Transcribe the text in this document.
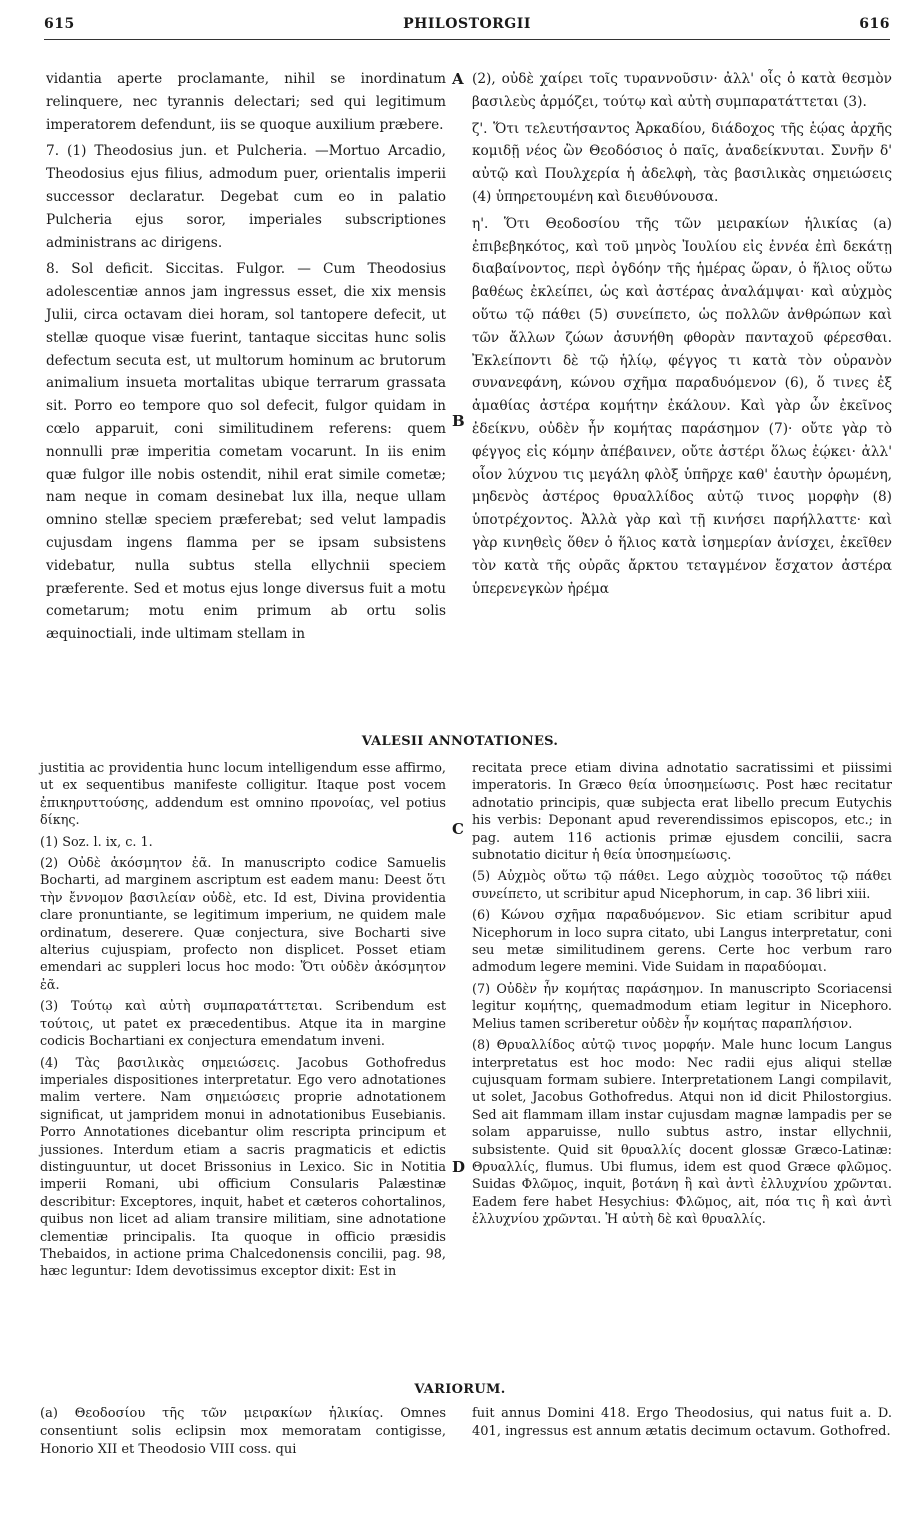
615	PHILOSTORGII	616

vidantia aperte proclamante, nihil se inordinatum relinquere, nec tyrannis delectari; sed qui legitimum imperatorem defendunt, iis se quoque auxilium præbere.

7. (1) Theodosius jun. et Pulcheria. —Mortuo Arcadio, Theodosius ejus filius, admodum puer, orientalis imperii successor declaratur. Degebat cum eo in palatio Pulcheria ejus soror, imperiales subscriptiones administrans ac dirigens.

8. Sol deficit. Siccitas. Fulgor. — Cum Theodosius adolescentiæ annos jam ingressus esset, die xix mensis Julii, circa octavam diei horam, sol tantopere defecit, ut stellæ quoque visæ fuerint, tantaque siccitas hunc solis defectum secuta est, ut multorum hominum ac brutorum animalium insueta mortalitas ubique terrarum grassata sit. Porro eo tempore quo sol defecit, fulgor quidam in cœlo apparuit, coni similitudinem referens: quem nonnulli præ imperitia cometam vocarunt. In iis enim quæ fulgor ille nobis ostendit, nihil erat simile cometæ; nam neque in comam desinebat lux illa, neque ullam omnino stellæ speciem præferebat; sed velut lampadis cujusdam ingens flamma per se ipsam subsistens videbatur, nulla subtus stella ellychnii speciem præferente. Sed et motus ejus longe diversus fuit a motu cometarum; motu enim primum ab ortu solis æquinoctiali, inde ultimam stellam in

A
B
C
D

(2), οὐδὲ χαίρει τοῖς τυραννοῦσιν· ἀλλ' οἷς ὁ κατὰ θεσμὸν βασιλεὺς ἁρμόζει, τούτῳ καὶ αὐτὴ συμπαρατάττεται (3).

ζ'. Ὅτι τελευτήσαντος Ἀρκαδίου, διάδοχος τῆς ἑῴας ἀρχῆς κομιδῇ νέος ὢν Θεοδόσιος ὁ παῖς, ἀναδείκνυται. Συνῆν δ' αὐτῷ καὶ Πουλχερία ἡ ἀδελφὴ, τὰς βασιλικὰς σημειώσεις (4) ὑπηρετουμένη καὶ διευθύνουσα.

η'. Ὅτι Θεοδοσίου τῆς τῶν μειρακίων ἡλικίας (a) ἐπιβεβηκότος, καὶ τοῦ μηνὸς Ἰουλίου εἰς ἐννέα ἐπὶ δεκάτῃ διαβαίνοντος, περὶ ὀγδόην τῆς ἡμέρας ὥραν, ὁ ἥλιος οὕτω βαθέως ἐκλείπει, ὡς καὶ ἀστέρας ἀναλάμψαι· καὶ αὐχμὸς οὕτω τῷ πάθει (5) συνείπετο, ὡς πολλῶν ἀνθρώπων καὶ τῶν ἄλλων ζώων ἀσυνήθη φθορὰν πανταχοῦ φέρεσθαι. Ἐκλείποντι δὲ τῷ ἡλίῳ, φέγγος τι κατὰ τὸν οὐρανὸν συνανεφάνη, κώνου σχῆμα παραδυόμενον (6), ὅ τινες ἐξ ἀμαθίας ἀστέρα κομήτην ἐκάλουν. Καὶ γὰρ ὧν ἐκεῖνος ἐδείκνυ, οὐδὲν ἦν κομήτας παράσημον (7)· οὔτε γὰρ τὸ φέγγος εἰς κόμην ἀπέβαινεν, οὔτε ἀστέρι ὅλως ἐῴκει· ἀλλ' οἷον λύχνου τις μεγάλη φλὸξ ὑπῆρχε καθ' ἑαυτὴν ὁρωμένη, μηδενὸς ἀστέρος θρυαλλίδος αὐτῷ τινος μορφὴν (8) ὑποτρέχοντος. Ἀλλὰ γὰρ καὶ τῇ κινήσει παρήλλαττε· καὶ γὰρ κινηθεὶς ὅθεν ὁ ἥλιος κατὰ ἰσημερίαν ἀνίσχει, ἐκεῖθεν τὸν κατὰ τῆς οὐρᾶς ἄρκτου τεταγμένον ἔσχατον ἀστέρα ὑπερενεγκὼν ἠρέμα

VALESII ANNOTATIONES.

justitia ac providentia hunc locum intelligendum esse affirmo, ut ex sequentibus manifeste colligitur. Itaque post vocem ἐπικηρυττούσης, addendum est omnino προνοίας, vel potius δίκης.

(1) Soz. l. ix, c. 1.

(2) Οὐδὲ ἀκόσμητον ἐᾶ. In manuscripto codice Samuelis Bocharti, ad marginem ascriptum est eadem manu: Deest ὅτι τὴν ἔννομον βασιλείαν οὐδὲ, etc. Id est, Divina providentia clare pronuntiante, se legitimum imperium, ne quidem male ordinatum, deserere. Quæ conjectura, sive Bocharti sive alterius cujuspiam, profecto non displicet. Posset etiam emendari ac suppleri locus hoc modo: Ὅτι οὐδὲν ἀκόσμητον ἐᾶ.

(3) Τούτῳ καὶ αὐτὴ συμπαρατάττεται. Scribendum est τούτοις, ut patet ex præcedentibus. Atque ita in margine codicis Bochartiani ex conjectura emendatum inveni.

(4) Τὰς βασιλικὰς σημειώσεις. Jacobus Gothofredus imperiales dispositiones interpretatur. Ego vero adnotationes malim vertere. Nam σημειώσεις proprie adnotationem significat, ut jampridem monui in adnotationibus Eusebianis. Porro Annotationes dicebantur olim rescripta principum et jussiones. Interdum etiam a sacris pragmaticis et edictis distinguuntur, ut docet Brissonius in Lexico. Sic in Notitia imperii Romani, ubi officium Consularis Palæstinæ describitur: Exceptores, inquit, habet et cæteros cohortalinos, quibus non licet ad aliam transire militiam, sine adnotatione clementiæ principalis. Ita quoque in officio præsidis Thebaidos, in actione prima Chalcedonensis concilii, pag. 98, hæc leguntur: Idem devotissimus exceptor dixit: Est in

recitata prece etiam divina adnotatio sacratissimi et piissimi imperatoris. In Græco θεία ὑποσημείωσις. Post hæc recitatur adnotatio principis, quæ subjecta erat libello precum Eutychis his verbis: Deponant apud reverendissimos episcopos, etc.; in pag. autem 116 actionis primæ ejusdem concilii, sacra subnotatio dicitur ἡ θεία ὑποσημείωσις.

(5) Αὐχμὸς οὕτω τῷ πάθει. Lego αὐχμὸς τοσοῦτος τῷ πάθει συνείπετο, ut scribitur apud Nicephorum, in cap. 36 libri xiii.

(6) Κώνου σχῆμα παραδυόμενον. Sic etiam scribitur apud Nicephorum in loco supra citato, ubi Langus interpretatur, coni seu metæ similitudinem gerens. Certe hoc verbum raro admodum legere memini. Vide Suidam in παραδύομαι.

(7) Οὐδὲν ἦν κομήτας παράσημον. In manuscripto Scoriacensi legitur κομήτης, quemadmodum etiam legitur in Nicephoro. Melius tamen scriberetur οὐδὲν ἦν κομήτας παραπλήσιον.

(8) Θρυαλλίδος αὐτῷ τινος μορφήν. Male hunc locum Langus interpretatus est hoc modo: Nec radii ejus aliqui stellæ cujusquam formam subiere. Interpretationem Langi compilavit, ut solet, Jacobus Gothofredus. Atqui non id dicit Philostorgius. Sed ait flammam illam instar cujusdam magnæ lampadis per se solam apparuisse, nullo subtus astro, instar ellychnii, subsistente. Quid sit θρυαλλίς docent glossæ Græco-Latinæ: Θρυαλλίς, flumus. Ubi flumus, idem est quod Græce φλῶμος. Suidas Φλῶμος, inquit, βοτάνη ἣ καὶ ἀντὶ ἐλλυχνίου χρῶνται. Eadem fere habet Hesychius: Φλῶμος, ait, πόα τις ἣ καὶ ἀντὶ ἐλλυχνίου χρῶνται. Ἡ αὐτὴ δὲ καὶ θρυαλλίς.

VARIORUM.

(a) Θεοδοσίου τῆς τῶν μειρακίων ἡλικίας. Omnes consentiunt solis eclipsin mox memoratam contigisse, Honorio XII et Theodosio VIII coss. qui

fuit annus Domini 418. Ergo Theodosius, qui natus fuit a. D. 401, ingressus est annum ætatis decimum octavum. Gothofred.
